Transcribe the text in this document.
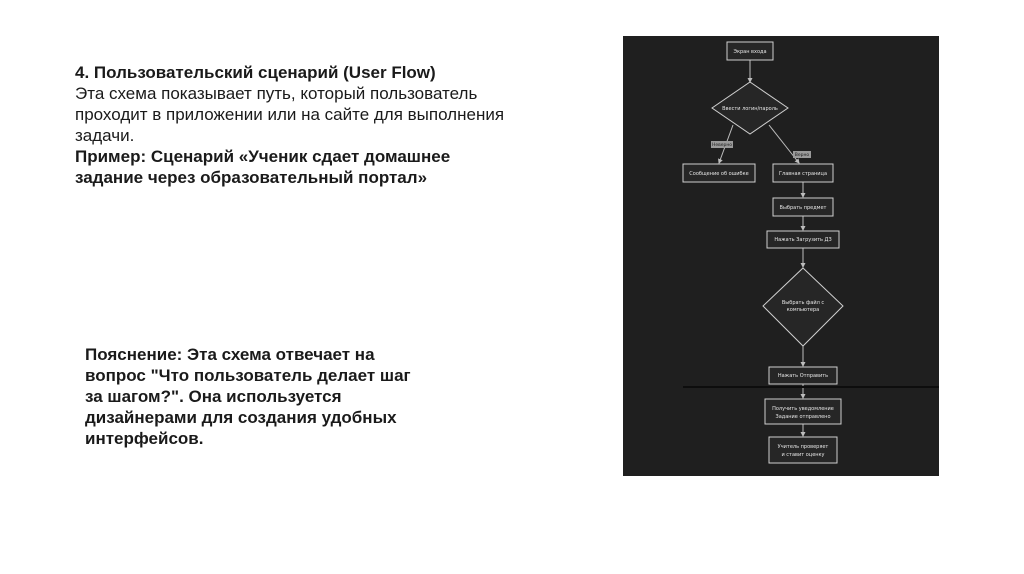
4. Пользовательский сценарий (User Flow)

Эта схема показывает путь, который пользователь

проходит в приложении или на сайте для выполнения

задачи.

Пример: Сценарий «Ученик сдает домашнее

задание через образовательный портал»

Пояснение: Эта схема отвечает на
вопрос "Что пользователь делает шаг
за шагом?". Она используется
дизайнерами для создания удобных
интерфейсов.
Неверно
Верно
Экран входа
Ввести логин/пароль
Сообщение об ошибке	Главная страница
Выбрать предмет
Нажать Загрузить ДЗ
Выбрать файл с
компьютера
Нажать Отправить
Получить уведомление
Задание отправлено
Учитель проверяет
и ставит оценку
